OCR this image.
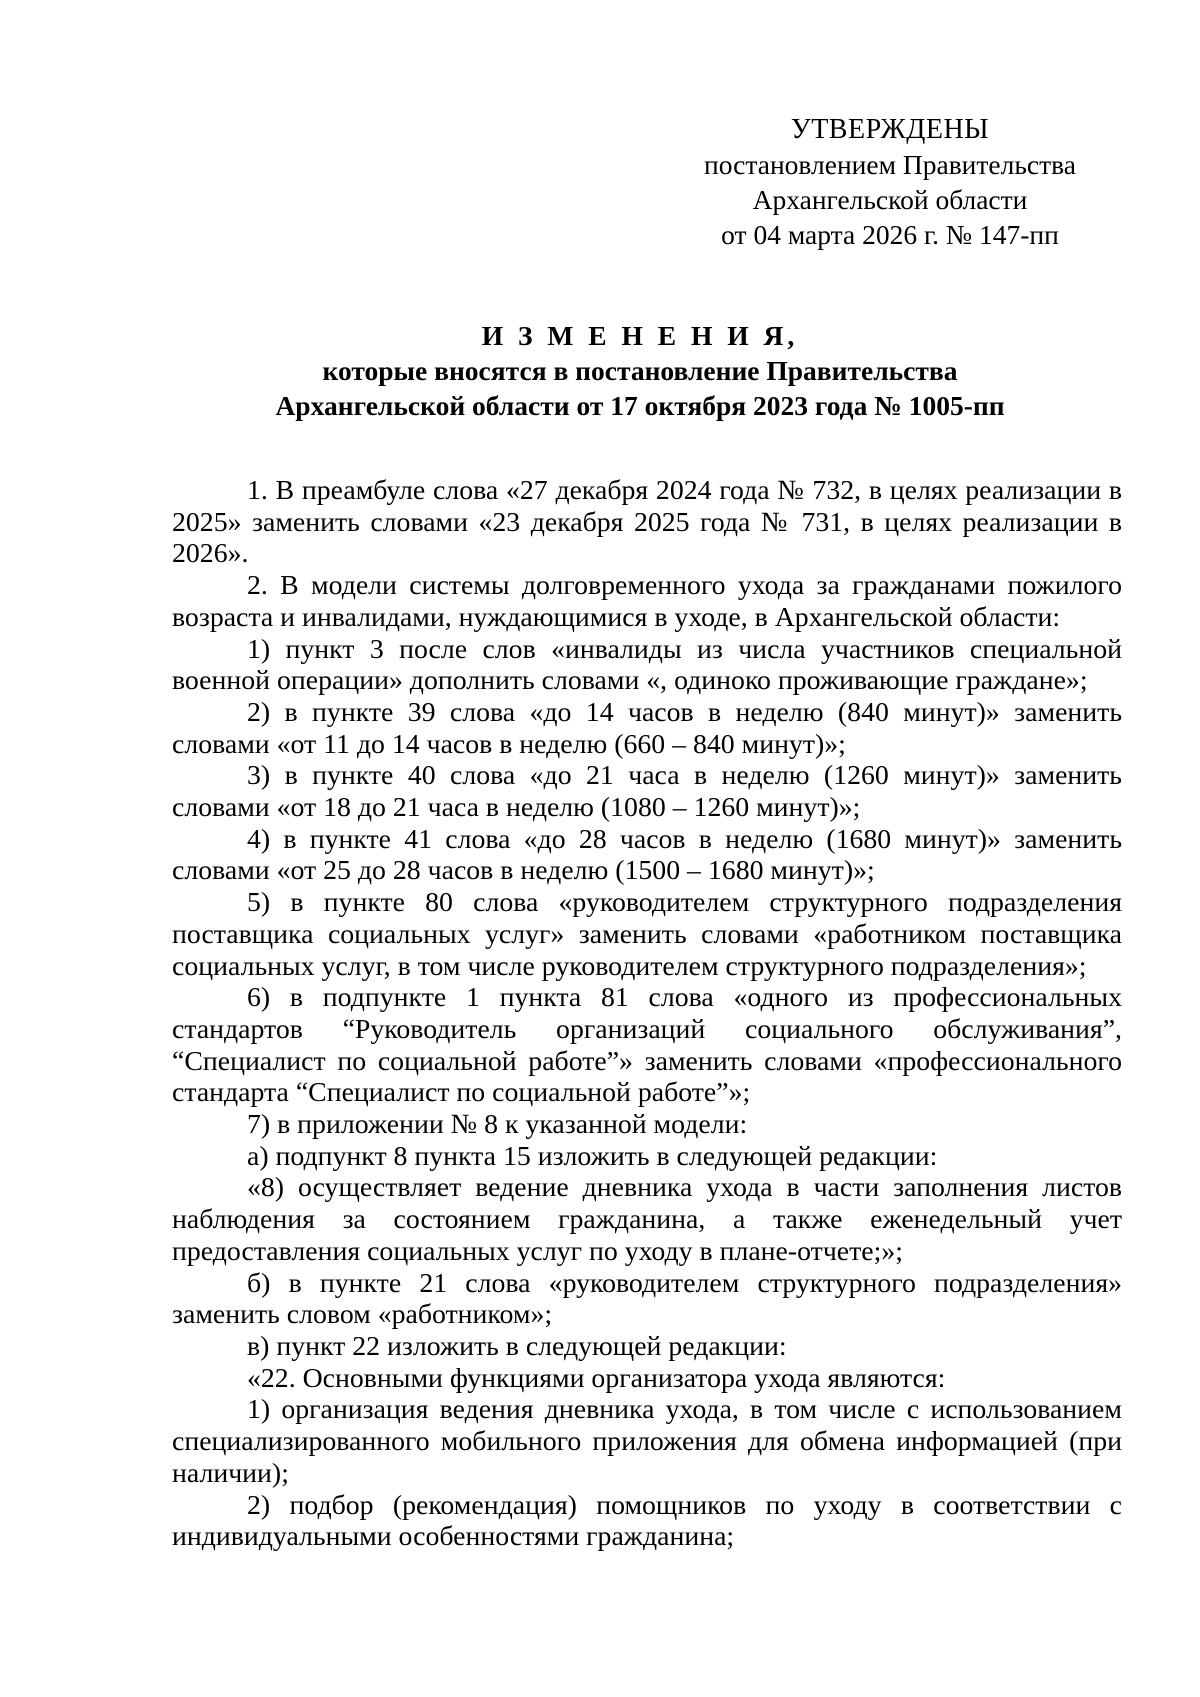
УТВЕРЖДЕНЫ
постановлением Правительства
Архангельской области
от 04 марта 2026 г. № 147-пп
И З М Е Н Е Н И Я,
которые вносятся в постановление Правительства
Архангельской области от 17 октября 2023 года № 1005-пп

1. В преамбуле слова «27 декабря 2024 года № 732, в целях реализации в 2025» заменить словами «23 декабря 2025 года № 731, в целях реализации в 2026».

2. В модели системы долговременного ухода за гражданами пожилого возраста и инвалидами, нуждающимися в уходе, в Архангельской области:

1) пункт 3 после слов «инвалиды из числа участников специальной военной операции» дополнить словами «, одиноко проживающие граждане»;

2) в пункте 39 слова «до 14 часов в неделю (840 минут)» заменить словами «от 11 до 14 часов в неделю (660 – 840 минут)»;

3) в пункте 40 слова «до 21 часа в неделю (1260 минут)» заменить словами «от 18 до 21 часа в неделю (1080 – 1260 минут)»;

4) в пункте 41 слова «до 28 часов в неделю (1680 минут)» заменить словами «от 25 до 28 часов в неделю (1500 – 1680 минут)»;

5) в пункте 80 слова «руководителем структурного подразделения поставщика социальных услуг» заменить словами «работником поставщика социальных услуг, в том числе руководителем структурного подразделения»;

6) в подпункте 1 пункта 81 слова «одного из профессиональных стандартов “Руководитель организаций социального обслуживания”, “Специалист по социальной работе”» заменить словами «профессионального стандарта “Специалист по социальной работе”»;

7) в приложении № 8 к указанной модели:

а) подпункт 8 пункта 15 изложить в следующей редакции:

«8) осуществляет ведение дневника ухода в части заполнения листов наблюдения за состоянием гражданина, а также еженедельный учет предоставления социальных услуг по уходу в плане-отчете;»;

б) в пункте 21 слова «руководителем структурного подразделения» заменить словом «работником»;

в) пункт 22 изложить в следующей редакции:

«22. Основными функциями организатора ухода являются:

1) организация ведения дневника ухода, в том числе с использованием специализированного мобильного приложения для обмена информацией (при наличии);

2) подбор (рекомендация) помощников по уходу в соответствии с индивидуальными особенностями гражданина;
